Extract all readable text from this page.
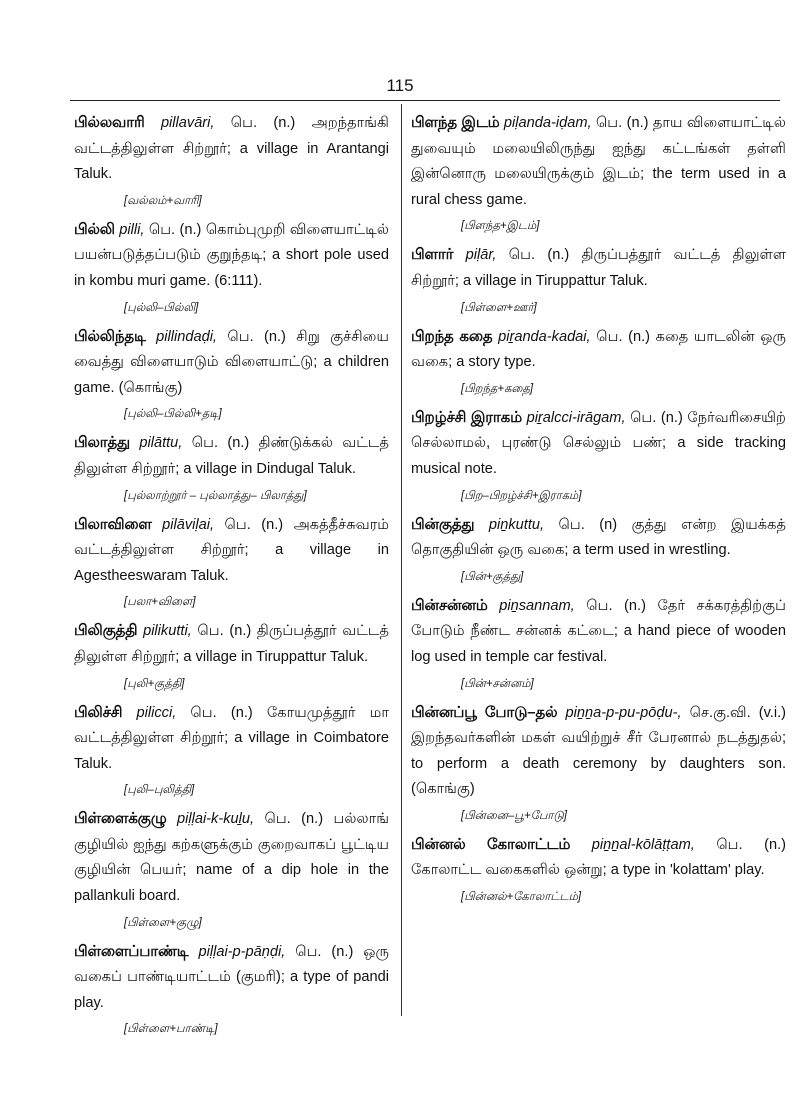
115

பில்லவாரி pillavāri, பெ. (n.) அறந்தாங்கி வட்டத்திலுள்ள சிற்றூர்; a village in Arantangi Taluk.

[வல்லம்+வாரி]

பில்லி pilli, பெ. (n.) கொம்புமுறி விளையாட்டில் பயன்படுத்தப்படும் குறுந்தடி; a short pole used in kombu muri game. (6:111).

[புல்லி–பில்லி]

பில்லிந்தடி pillindaḍi, பெ. (n.) சிறு குச்சியை வைத்து விளையாடும் விளையாட்டு; a children game. (கொங்கு)

[புல்லி–பில்லி+தடி]

பிலாத்து pilāttu, பெ. (n.) திண்டுக்கல் வட்டத் திலுள்ள சிற்றூர்; a village in Dindugal Taluk.

[புல்லாற்றூர் – புல்லாத்து– பிலாத்து]

பிலாவிளை pilāviḷai, பெ. (n.) அகத்தீச்சுவரம் வட்டத்திலுள்ள சிற்றூர்; a village in Agestheeswaram Taluk.

[பலா+விளை]

பிலிகுத்தி pilikutti, பெ. (n.) திருப்பத்தூர் வட்டத் திலுள்ள சிற்றூர்; a village in Tiruppattur Taluk.

[புலி+குத்தி]

பிலிச்சி pilicci, பெ. (n.) கோயமுத்தூர் மா வட்டத்திலுள்ள சிற்றூர்; a village in Coimbatore Taluk.

[புலி–புலித்தி]

பிள்ளைக்குழு piḷḷai-k-kuḻu, பெ. (n.) பல்லாங் குழியில் ஐந்து கற்களுக்கும் குறைவாகப் பூட்டிய குழியின் பெயர்; name of a dip hole in the pallankuli board.

[பிள்ளை+குழு]

பிள்ளைப்பாண்டி piḷḷai-p-pāṇḍi, பெ. (n.) ஒரு வகைப் பாண்டியாட்டம் (குமரி); a type of pandi play.

[பிள்ளை+பாண்டி]

பிளந்த இடம் piḷanda-iḍam, பெ. (n.) தாய விளையாட்டில் துவையும் மலையிலிருந்து ஐந்து கட்டங்கள் தள்ளி இன்னொரு மலையிருக்கும் இடம்; the term used in a rural chess game.

[பிளந்த+இடம்]

பிளார் piḷār, பெ. (n.) திருப்பத்தூர் வட்டத் திலுள்ள சிற்றூர்; a village in Tiruppattur Taluk.

[பிள்ளை+ஊர்]

பிறந்த கதை piṟanda-kadai, பெ. (n.) கதை யாடலின் ஒரு வகை; a story type.

[பிறந்த+கதை]

பிறழ்ச்சி இராகம் piṟalcci-irāgam, பெ. (n.) நேர்வரிசையிற் செல்லாமல், புரண்டு செல்லும் பண்; a side tracking musical note.

[பிற–பிறழ்ச்சி+இராகம்]

பின்குத்து piṉkuttu, பெ. (n) குத்து என்ற இயக்கத் தொகுதியின் ஒரு வகை; a term used in wrestling.

[பின்+குத்து]

பின்சன்னம் piṉsannam, பெ. (n.) தேர் சக்கரத்திற்குப் போடும் நீண்ட சன்னக் கட்டை; a hand piece of wooden log used in temple car festival.

[பின்+சன்னம்]

பின்னப்பூ போடு–தல் piṉṉa-p-pu-pōḍu-, செ.கு.வி. (v.i.) இறந்தவர்களின் மகள் வயிற்றுச் சீர் பேரனால் நடத்துதல்; to perform a death ceremony by daughters son. (கொங்கு)

[பின்னை–பூ+போடு]

பின்னல் கோலாட்டம் piṉṉal-kōlāṭṭam, பெ. (n.) கோலாட்ட வகைகளில் ஒன்று; a type in 'kolattam' play.

[பின்னல்+கோலாட்டம்]
